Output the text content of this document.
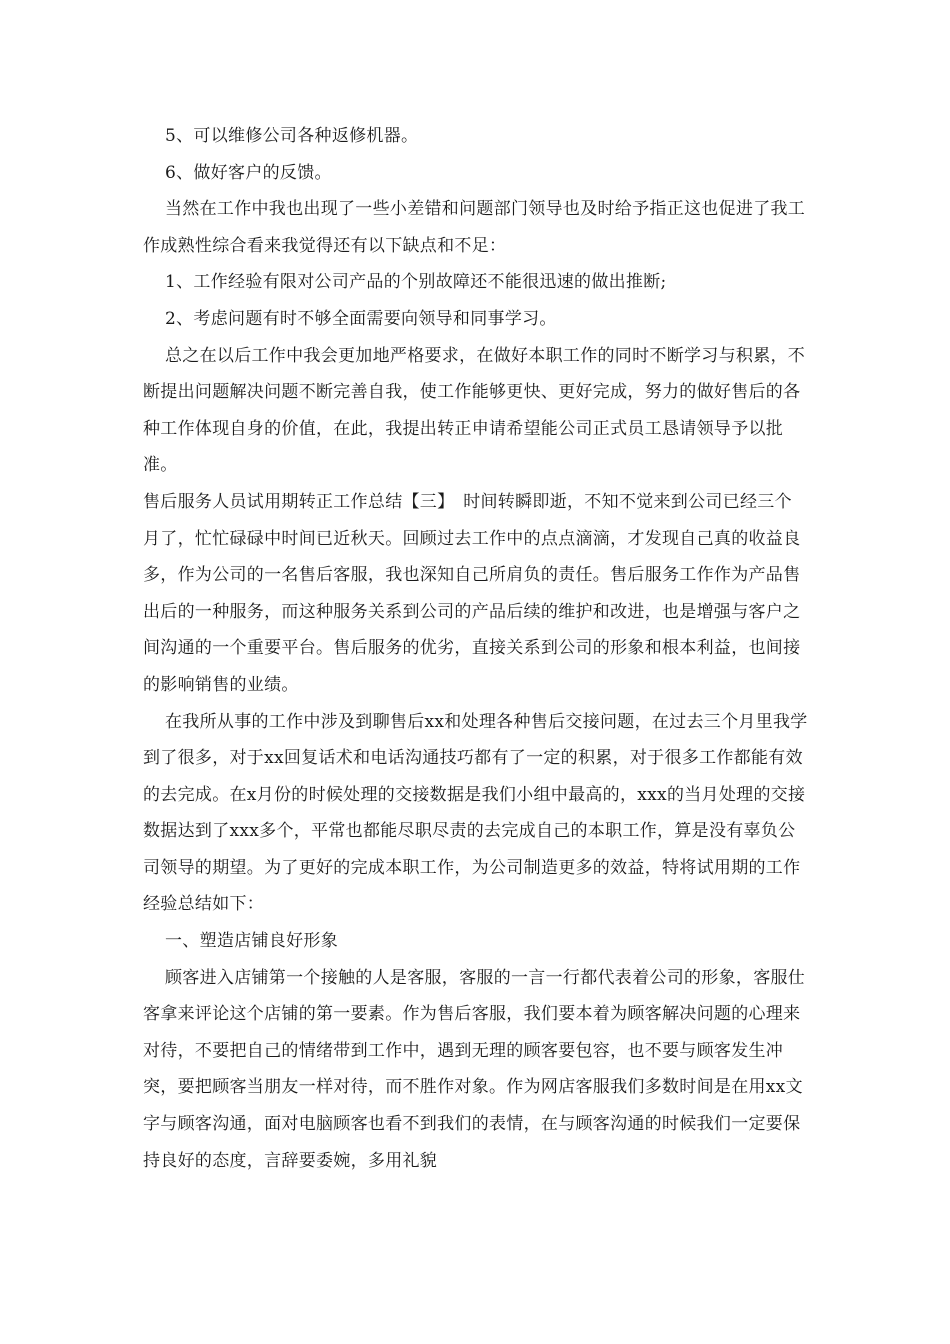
5、可以维修公司各种返修机器。

6、做好客户的反馈。

当然在工作中我也出现了一些小差错和问题部门领导也及时给予指正这也促进了我工作成熟性综合看来我觉得还有以下缺点和不足：

1、工作经验有限对公司产品的个别故障还不能很迅速的做出推断;

2、考虑问题有时不够全面需要向领导和同事学习。

总之在以后工作中我会更加地严格要求，在做好本职工作的同时不断学习与积累，不断提出问题解决问题不断完善自我，使工作能够更快、更好完成，努力的做好售后的各种工作体现自身的价值，在此，我提出转正申请希望能公司正式员工恳请领导予以批准。

售后服务人员试用期转正工作总结【三】　时间转瞬即逝，不知不觉来到公司已经三个月了，忙忙碌碌中时间已近秋天。回顾过去工作中的点点滴滴，才发现自己真的收益良多，作为公司的一名售后客服，我也深知自己所肩负的责任。售后服务工作作为产品售出后的一种服务，而这种服务关系到公司的产品后续的维护和改进，也是增强与客户之间沟通的一个重要平台。售后服务的优劣，直接关系到公司的形象和根本利益，也间接的影响销售的业绩。

在我所从事的工作中涉及到聊售后xx和处理各种售后交接问题，在过去三个月里我学到了很多，对于xx回复话术和电话沟通技巧都有了一定的积累，对于很多工作都能有效的去完成。在x月份的时候处理的交接数据是我们小组中最高的，xxx的当月处理的交接数据达到了xxx多个，平常也都能尽职尽责的去完成自己的本职工作，算是没有辜负公司领导的期望。为了更好的完成本职工作，为公司制造更多的效益，特将试用期的工作经验总结如下：

一、塑造店铺良好形象

顾客进入店铺第一个接触的人是客服，客服的一言一行都代表着公司的形象，客服仕客拿来评论这个店铺的第一要素。作为售后客服，我们要本着为顾客解决问题的心理来对待，不要把自己的情绪带到工作中，遇到无理的顾客要包容，也不要与顾客发生冲突，要把顾客当朋友一样对待，而不胜作对象。作为网店客服我们多数时间是在用xx文字与顾客沟通，面对电脑顾客也看不到我们的表情，在与顾客沟通的时候我们一定要保持良好的态度，言辞要委婉，多用礼貌
